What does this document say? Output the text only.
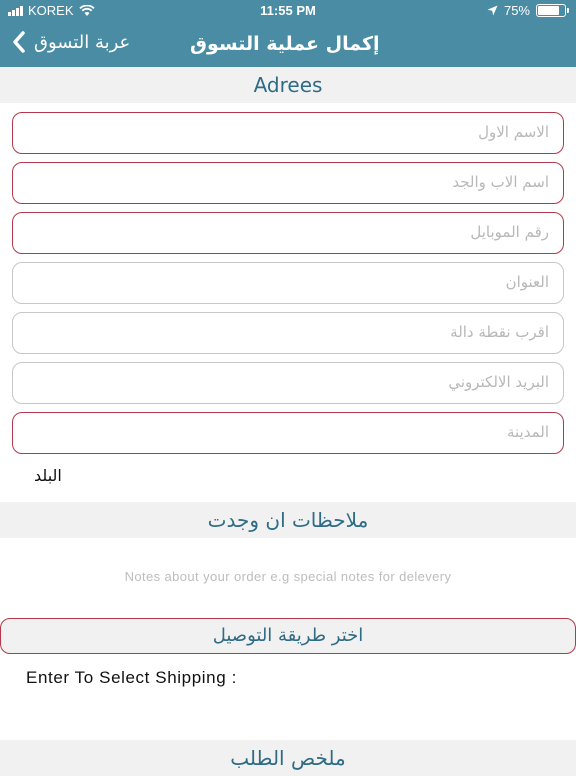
KOREK	11:55 PM	75%
عربة التسوق	إكمال عملية التسوق
Adrees
الاسم الاول
اسم الاب والجد
رقم الموبايل
العنوان
اقرب نقطة دالة
البريد الالكتروني
المدينة
البلد
ملاحظات ان وجدت
Notes about your order e.g special notes for delevery
اختر طريقة التوصيل
Enter To Select Shipping :
ملخص الطلب
